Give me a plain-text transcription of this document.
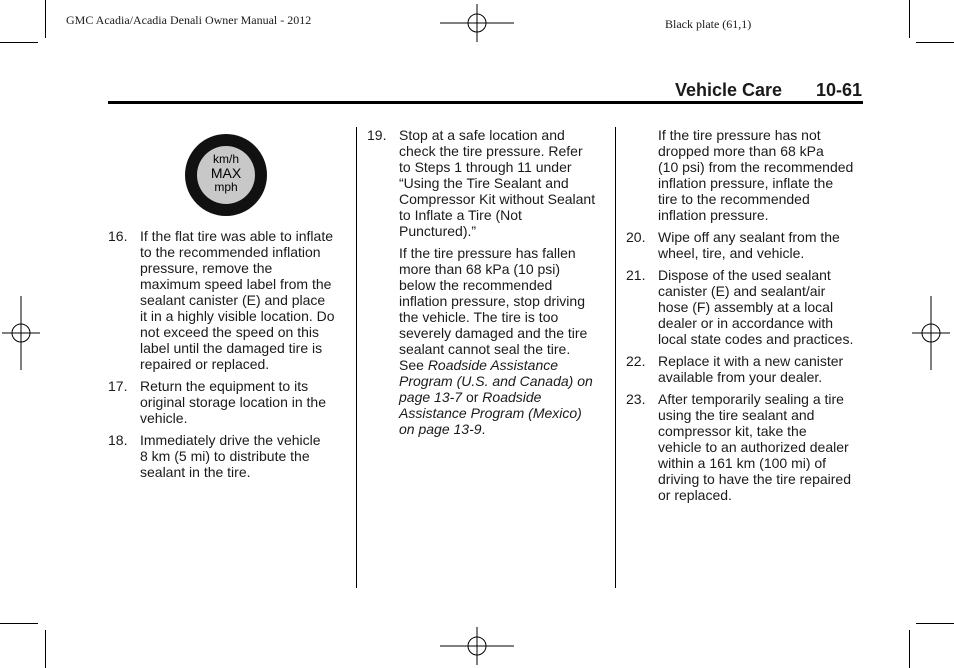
GMC Acadia/Acadia Denali Owner Manual - 2012	Black plate (61,1)
Vehicle Care 10-61
km/h
MAX
mph
16. If the flat tire was able to inflate
to the recommended inflation
pressure, remove the
maximum speed label from the
sealant canister (E) and place
it in a highly visible location. Do
not exceed the speed on this
label until the damaged tire is
repaired or replaced.
17. Return the equipment to its
original storage location in the
vehicle.
18. Immediately drive the vehicle
8 km (5 mi) to distribute the
sealant in the tire.
19. Stop at a safe location and
check the tire pressure. Refer
to Steps 1 through 11 under
“Using the Tire Sealant and
Compressor Kit without Sealant
to Inflate a Tire (Not
Punctured).”
If the tire pressure has fallen
more than 68 kPa (10 psi)
below the recommended
inflation pressure, stop driving
the vehicle. The tire is too
severely damaged and the tire
sealant cannot seal the tire.
See Roadside Assistance
Program (U.S. and Canada) on
page 13-7 or Roadside
Assistance Program (Mexico)
on page 13-9.
If the tire pressure has not
dropped more than 68 kPa
(10 psi) from the recommended
inflation pressure, inflate the
tire to the recommended
inflation pressure.
20. Wipe off any sealant from the
wheel, tire, and vehicle.
21. Dispose of the used sealant
canister (E) and sealant/air
hose (F) assembly at a local
dealer or in accordance with
local state codes and practices.
22. Replace it with a new canister
available from your dealer.
23. After temporarily sealing a tire
using the tire sealant and
compressor kit, take the
vehicle to an authorized dealer
within a 161 km (100 mi) of
driving to have the tire repaired
or replaced.
